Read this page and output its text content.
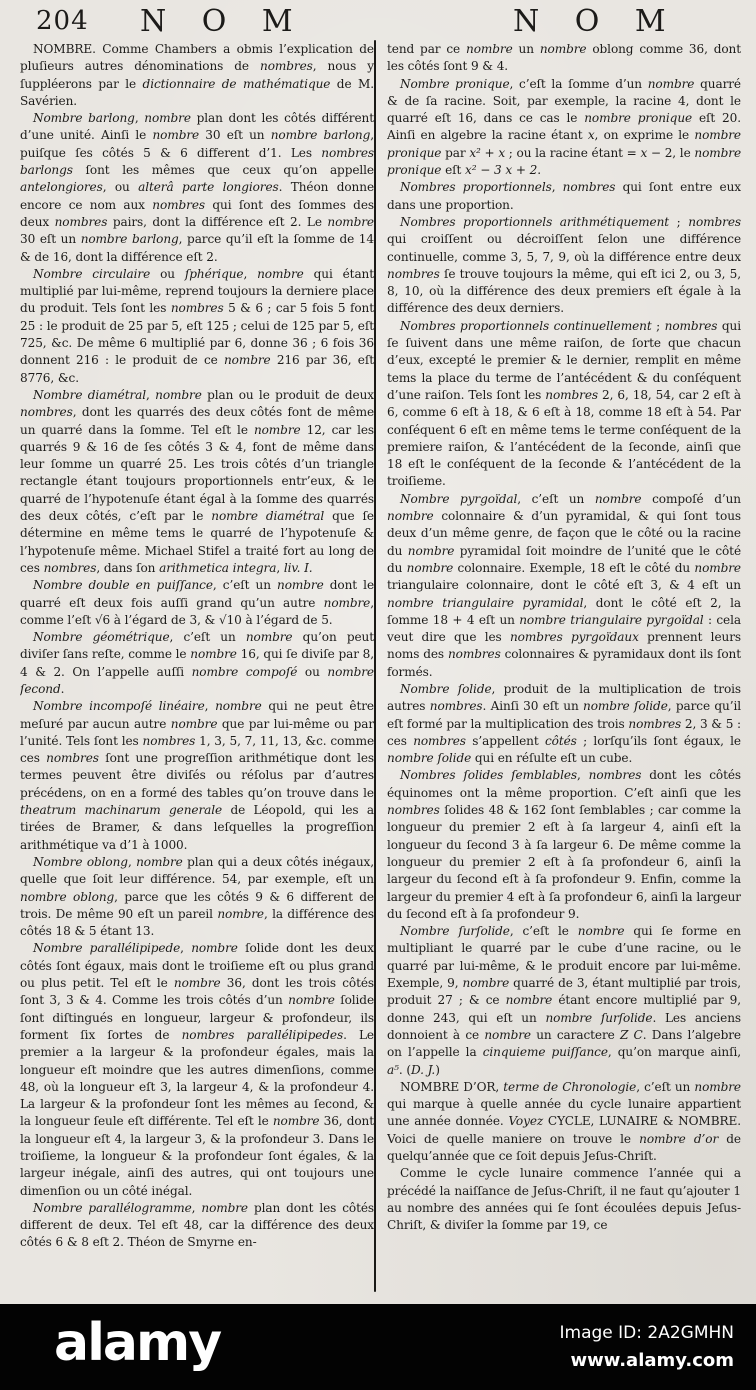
204 N O M	N O M

NOMBRE. Comme Chambers a obmis l’explication de pluſieurs autres dénominations de nombres, nous y ſuppléerons par le dictionnaire de mathématique de M. Savérien.

Nombre barlong, nombre plan dont les côtés différent d’une unité. Ainſi le nombre 30 eſt un nombre barlong, puiſque ſes côtés 5 & 6 different d’1. Les nombres barlongs ſont les mêmes que ceux qu’on appelle antelongiores, ou alterâ parte longiores. Théon donne encore ce nom aux nombres qui ſont des ſommes des deux nombres pairs, dont la différence eſt 2. Le nombre 30 eſt un nombre barlong, parce qu’il eſt la ſomme de 14 & de 16, dont la différence eſt 2.

Nombre circulaire ou ſphérique, nombre qui étant multiplié par lui-même, reprend toujours la derniere place du produit. Tels ſont les nombres 5 & 6 ; car 5 fois 5 font 25 : le produit de 25 par 5, eſt 125 ; celui de 125 par 5, eſt 725, &c. De même 6 multiplié par 6, donne 36 ; 6 fois 36 donnent 216 : le produit de ce nombre 216 par 36, eſt 8776, &c.

Nombre diamétral, nombre plan ou le produit de deux nombres, dont les quarrés des deux côtés font de même un quarré dans la ſomme. Tel eſt le nombre 12, car les quarrés 9 & 16 de ſes côtés 3 & 4, font de même dans leur ſomme un quarré 25. Les trois côtés d’un triangle rectangle étant toujours proportionnels entr’eux, & le quarré de l’hypotenuſe étant égal à la ſomme des quarrés des deux côtés, c’eſt par le nombre diamétral que ſe détermine en même tems le quarré de l’hypotenuſe & l’hypotenuſe même. Michael Stifel a traité fort au long de ces nombres, dans ſon arithmetica integra, liv. I.

Nombre double en puiſſance, c’eſt un nombre dont le quarré eſt deux fois auſſi grand qu’un autre nombre, comme l’eſt √6 à l’égard de 3, & √10 à l’égard de 5.

Nombre géométrique, c’eſt un nombre qu’on peut diviſer ſans reſte, comme le nombre 16, qui ſe diviſe par 8, 4 & 2. On l’appelle auſſi nombre compoſé ou nombre ſecond.

Nombre incompoſé linéaire, nombre qui ne peut être meſuré par aucun autre nombre que par lui-même ou par l’unité. Tels ſont les nombres 1, 3, 5, 7, 11, 13, &c. comme ces nombres ſont une progreſſion arithmétique dont les termes peuvent être diviſés ou réſolus par d’autres précédens, on en a formé des tables qu’on trouve dans le theatrum machinarum generale de Léopold, qui les a tirées de Bramer, & dans leſquelles la progreſſion arithmétique va d’1 à 1000.

Nombre oblong, nombre plan qui a deux côtés inégaux, quelle que ſoit leur différence. 54, par exemple, eſt un nombre oblong, parce que les côtés 9 & 6 different de trois. De même 90 eſt un pareil nombre, la différence des côtés 18 & 5 étant 13.

Nombre parallélipipede, nombre ſolide dont les deux côtés ſont égaux, mais dont le troiſieme eſt ou plus grand ou plus petit. Tel eſt le nombre 36, dont les trois côtés ſont 3, 3 & 4. Comme les trois côtés d’un nombre ſolide ſont diſtingués en longueur, largeur & profondeur, ils forment ſix ſortes de nombres parallélipipedes. Le premier a la largeur & la profondeur égales, mais la longueur eſt moindre que les autres dimenſions, comme 48, où la longueur eſt 3, la largeur 4, & la profondeur 4. La largeur & la profondeur ſont les mêmes au ſecond, & la longueur ſeule eſt différente. Tel eſt le nombre 36, dont la longueur eſt 4, la largeur 3, & la profondeur 3. Dans le troiſieme, la longueur & la profondeur ſont égales, & la largeur inégale, ainſi des autres, qui ont toujours une dimenſion ou un côté inégal.

Nombre parallélogramme, nombre plan dont les côtés different de deux. Tel eſt 48, car la différence des deux côtés 6 & 8 eſt 2. Théon de Smyrne en-

tend par ce nombre un nombre oblong comme 36, dont les côtés ſont 9 & 4.

Nombre pronique, c’eſt la ſomme d’un nombre quarré & de ſa racine. Soit, par exemple, la racine 4, dont le quarré eſt 16, dans ce cas le nombre pronique eſt 20. Ainſi en algebre la racine étant x, on exprime le nombre pronique par x² + x ; ou la racine étant = x − 2, le nombre pronique eſt x² − 3 x + 2.

Nombres proportionnels, nombres qui ſont entre eux dans une proportion.

Nombres proportionnels arithmétiquement ; nombres qui croiſſent ou décroiſſent ſelon une différence continuelle, comme 3, 5, 7, 9, où la différence entre deux nombres ſe trouve toujours la même, qui eſt ici 2, ou 3, 5, 8, 10, où la différence des deux premiers eſt égale à la différence des deux derniers.

Nombres proportionnels continuellement ; nombres qui ſe ſuivent dans une même raiſon, de ſorte que chacun d’eux, excepté le premier & le dernier, remplit en même tems la place du terme de l’antécédent & du conſéquent d’une raiſon. Tels ſont les nombres 2, 6, 18, 54, car 2 eſt à 6, comme 6 eſt à 18, & 6 eſt à 18, comme 18 eſt à 54. Par conſéquent 6 eſt en même tems le terme conſéquent de la premiere raiſon, & l’antécédent de la ſeconde, ainſi que 18 eſt le conſéquent de la ſeconde & l’antécédent de la troiſieme.

Nombre pyrgoïdal, c’eſt un nombre compoſé d’un nombre colonnaire & d’un pyramidal, & qui ſont tous deux d’un même genre, de façon que le côté ou la racine du nombre pyramidal ſoit moindre de l’unité que le côté du nombre colonnaire. Exemple, 18 eſt le côté du nombre triangulaire colonnaire, dont le côté eſt 3, & 4 eſt un nombre triangulaire pyramidal, dont le côté eſt 2, la ſomme 18 + 4 eſt un nombre triangulaire pyrgoïdal : cela veut dire que les nombres pyrgoïdaux prennent leurs noms des nombres colonnaires & pyramidaux dont ils ſont formés.

Nombre ſolide, produit de la multiplication de trois autres nombres. Ainſi 30 eſt un nombre ſolide, parce qu’il eſt formé par la multiplication des trois nombres 2, 3 & 5 : ces nombres s’appellent côtés ; lorſqu’ils ſont égaux, le nombre ſolide qui en réſulte eſt un cube.

Nombres ſolides ſemblables, nombres dont les côtés équinomes ont la même proportion. C’eſt ainſi que les nombres ſolides 48 & 162 ſont ſemblables ; car comme la longueur du premier 2 eſt à ſa largeur 4, ainſi eſt la longueur du ſecond 3 à ſa largeur 6. De même comme la longueur du premier 2 eſt à ſa profondeur 6, ainſi la largeur du ſecond eſt à ſa profondeur 9. Enfin, comme la largeur du premier 4 eſt à ſa profondeur 6, ainſi la largeur du ſecond eſt à ſa profondeur 9.

Nombre ſurſolide, c’eſt le nombre qui ſe forme en multipliant le quarré par le cube d’une racine, ou le quarré par lui-même, & le produit encore par lui-même. Exemple, 9, nombre quarré de 3, étant multiplié par trois, produit 27 ; & ce nombre étant encore multiplié par 9, donne 243, qui eſt un nombre ſurſolide. Les anciens donnoient à ce nombre un caractere Z C. Dans l’algebre on l’appelle la cinquieme puiſſance, qu’on marque ainſi, a⁵. (D. J.)

NOMBRE D’OR, terme de Chronologie, c’eſt un nombre qui marque à quelle année du cycle lunaire appartient une année donnée. Voyez CYCLE, LUNAIRE & NOMBRE. Voici de quelle maniere on trouve le nombre d’or de quelqu’année que ce ſoit depuis Jeſus-Chriſt.

Comme le cycle lunaire commence l’année qui a précédé la naiſſance de Jeſus-Chriſt, il ne faut qu’ajouter 1 au nombre des années qui ſe ſont écoulées depuis Jeſus-Chriſt, & diviſer la ſomme par 19, ce

alamy	Image ID: 2A2GMHN
www.alamy.com
